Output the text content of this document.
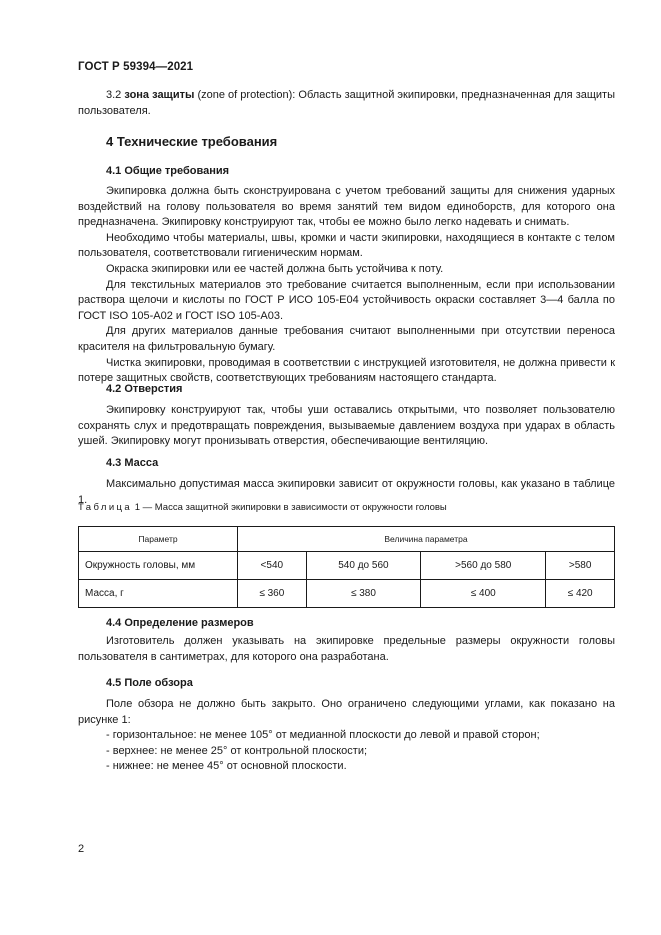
ГОСТ Р 59394—2021

3.2 зона защиты (zone of protection): Область защитной экипировки, предназначенная для защиты пользователя.

4 Технические требования
4.1 Общие требования

Экипировка должна быть сконструирована с учетом требований защиты для снижения ударных воздействий на голову пользователя во время занятий тем видом единоборств, для которого она предназначена. Экипировку конструируют так, чтобы ее можно было легко надевать и снимать.

Необходимо чтобы материалы, швы, кромки и части экипировки, находящиеся в контакте с телом пользователя, соответствовали гигиеническим нормам.

Окраска экипировки или ее частей должна быть устойчива к поту.

Для текстильных материалов это требование считается выполненным, если при использовании раствора щелочи и кислоты по ГОСТ Р ИСО 105-E04 устойчивость окраски составляет 3—4 балла по ГОСТ ISO 105-A02 и ГОСТ ISO 105-A03.

Для других материалов данные требования считают выполненными при отсутствии переноса красителя на фильтровальную бумагу.

Чистка экипировки, проводимая в соответствии с инструкцией изготовителя, не должна привести к потере защитных свойств, соответствующих требованиям настоящего стандарта.

4.2 Отверстия

Экипировку конструируют так, чтобы уши оставались открытыми, что позволяет пользователю сохранять слух и предотвращать повреждения, вызываемые давлением воздуха при ударах в область ушей. Экипировку могут пронизывать отверстия, обеспечивающие вентиляцию.

4.3 Масса

Максимально допустимая масса экипировки зависит от окружности головы, как указано в таблице 1.

Таблица 1 — Масса защитной экипировки в зависимости от окружности головы
Параметр	Величина параметра			
Окружность головы, мм	<540	540 до 560	>560 до 580	>580
Масса, г	≤ 360	≤ 380	≤ 400	≤ 420
4.4 Определение размеров

Изготовитель должен указывать на экипировке предельные размеры окружности головы пользователя в сантиметрах, для которого она разработана.

4.5 Поле обзора

Поле обзора не должно быть закрыто. Оно ограничено следующими углами, как показано на рисунке 1:

- горизонтальное: не менее 105° от медианной плоскости до левой и правой сторон;

- верхнее: не менее 25° от контрольной плоскости;

- нижнее: не менее 45° от основной плоскости.

2
